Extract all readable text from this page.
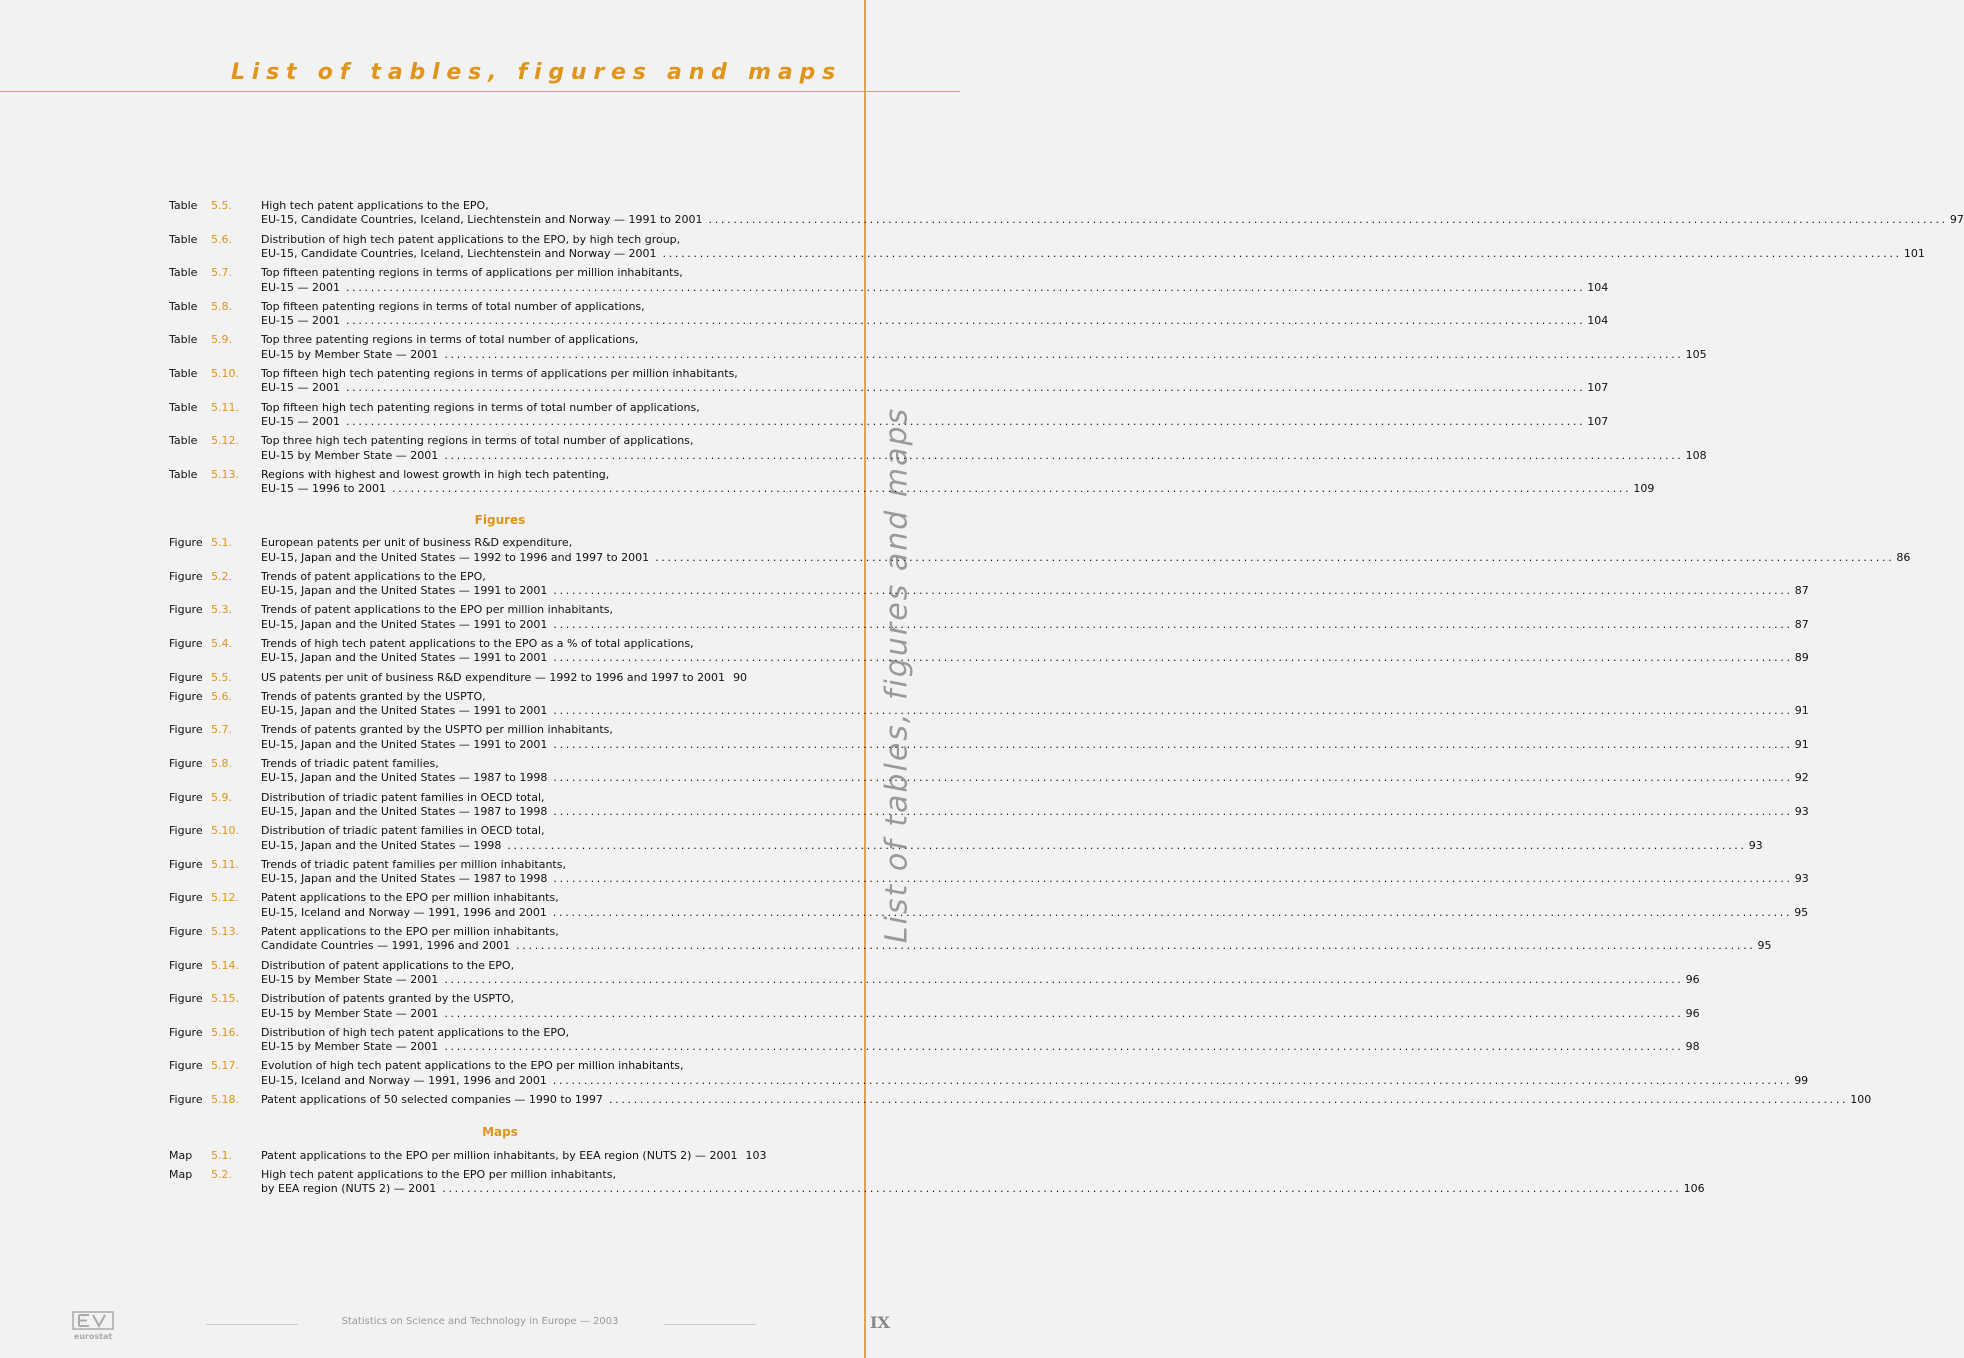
List of tables, figures and maps
List of tables, figures and maps
Table 5.5.	High tech patent applications to the EPO,
EU-15, Candidate Countries, Iceland, Liechtenstein and Norway — 1991 to 2001 ........................................................................................................................................................................................................ 97
Table 5.6.	Distribution of high tech patent applications to the EPO, by high tech group,
EU-15, Candidate Countries, Iceland, Liechtenstein and Norway — 2001 ........................................................................................................................................................................................................ 101
Table 5.7.	Top fifteen patenting regions in terms of applications per million inhabitants,
EU-15 — 2001 ........................................................................................................................................................................................................ 104
Table 5.8.	Top fifteen patenting regions in terms of total number of applications,
EU-15 — 2001 ........................................................................................................................................................................................................ 104
Table 5.9.	Top three patenting regions in terms of total number of applications,
EU-15 by Member State — 2001 ........................................................................................................................................................................................................ 105
Table 5.10. Top fifteen high tech patenting regions in terms of applications per million inhabitants,
EU-15 — 2001 ........................................................................................................................................................................................................ 107
Table 5.11. Top fifteen high tech patenting regions in terms of total number of applications,
EU-15 — 2001 ........................................................................................................................................................................................................ 107
Table 5.12. Top three high tech patenting regions in terms of total number of applications,
EU-15 by Member State — 2001 ........................................................................................................................................................................................................ 108
Table 5.13. Regions with highest and lowest growth in high tech patenting,
EU-15 — 1996 to 2001 ........................................................................................................................................................................................................ 109
Figures
Figure 5.1.	European patents per unit of business R&D expenditure,
EU-15, Japan and the United States — 1992 to 1996 and 1997 to 2001 ........................................................................................................................................................................................................ 86
Figure 5.2.	Trends of patent applications to the EPO,
EU-15, Japan and the United States — 1991 to 2001 ........................................................................................................................................................................................................ 87
Figure 5.3.	Trends of patent applications to the EPO per million inhabitants,
EU-15, Japan and the United States — 1991 to 2001 ........................................................................................................................................................................................................ 87
Figure 5.4.	Trends of high tech patent applications to the EPO as a % of total applications,
EU-15, Japan and the United States — 1991 to 2001 ........................................................................................................................................................................................................ 89
Figure 5.5.	US patents per unit of business R&D expenditure — 1992 to 1996 and 1997 to 2001 90
Figure 5.6.	Trends of patents granted by the USPTO,
EU-15, Japan and the United States — 1991 to 2001 ........................................................................................................................................................................................................ 91
Figure 5.7.	Trends of patents granted by the USPTO per million inhabitants,
EU-15, Japan and the United States — 1991 to 2001 ........................................................................................................................................................................................................ 91
Figure 5.8.	Trends of triadic patent families,
EU-15, Japan and the United States — 1987 to 1998 ........................................................................................................................................................................................................ 92
Figure 5.9.	Distribution of triadic patent families in OECD total,
EU-15, Japan and the United States — 1987 to 1998 ........................................................................................................................................................................................................ 93
Figure 5.10. Distribution of triadic patent families in OECD total,
EU-15, Japan and the United States — 1998 ........................................................................................................................................................................................................ 93
Figure 5.11. Trends of triadic patent families per million inhabitants,
EU-15, Japan and the United States — 1987 to 1998 ........................................................................................................................................................................................................ 93
Figure 5.12. Patent applications to the EPO per million inhabitants,
EU-15, Iceland and Norway — 1991, 1996 and 2001 ........................................................................................................................................................................................................ 95
Figure 5.13. Patent applications to the EPO per million inhabitants,
Candidate Countries — 1991, 1996 and 2001 ........................................................................................................................................................................................................ 95
Figure 5.14. Distribution of patent applications to the EPO,
EU-15 by Member State — 2001 ........................................................................................................................................................................................................ 96
Figure 5.15. Distribution of patents granted by the USPTO,
EU-15 by Member State — 2001 ........................................................................................................................................................................................................ 96
Figure 5.16. Distribution of high tech patent applications to the EPO,
EU-15 by Member State — 2001 ........................................................................................................................................................................................................ 98
Figure 5.17. Evolution of high tech patent applications to the EPO per million inhabitants,
EU-15, Iceland and Norway — 1991, 1996 and 2001 ........................................................................................................................................................................................................ 99
Figure 5.18. Patent applications of 50 selected companies — 1990 to 1997 ........................................................................................................................................................................................................ 100
Maps
Map 5.1.	Patent applications to the EPO per million inhabitants, by EEA region (NUTS 2) — 2001 103
Map 5.2.	High tech patent applications to the EPO per million inhabitants,
by EEA region (NUTS 2) — 2001 ........................................................................................................................................................................................................ 106
eurostat
Statistics on Science and Technology in Europe — 2003	IX
